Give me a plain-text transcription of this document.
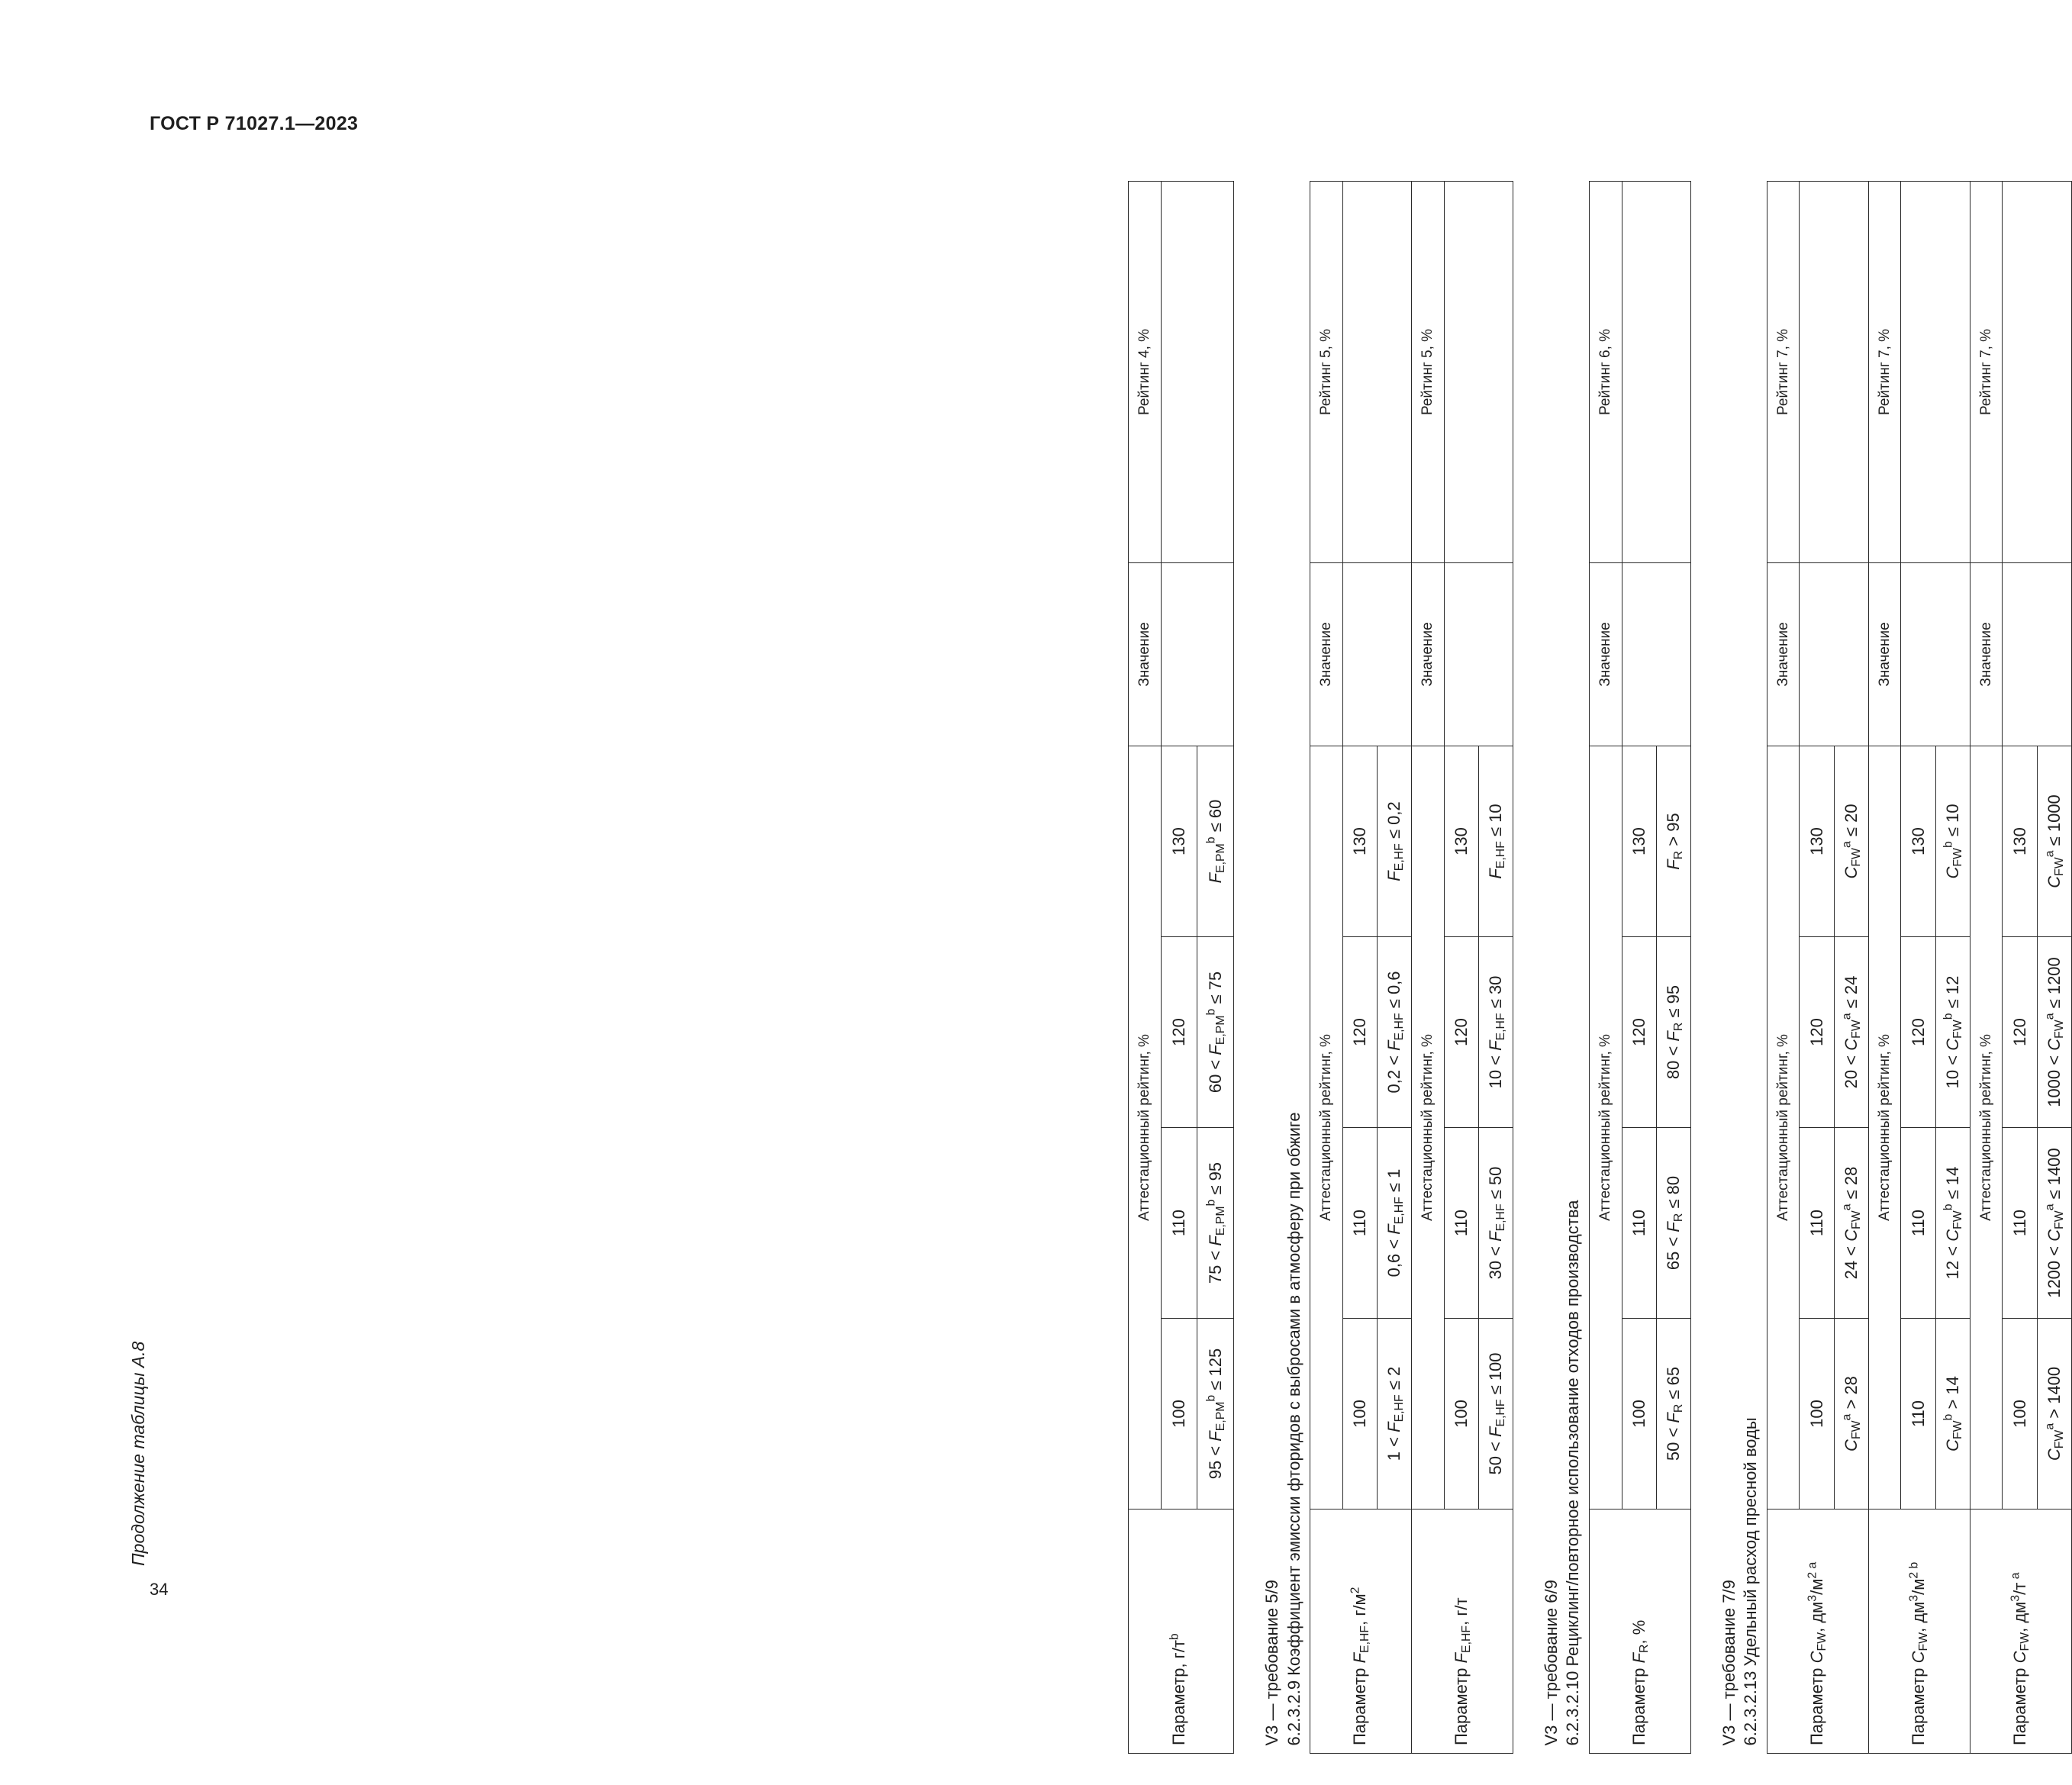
ГОСТ Р 71027.1—2023
34
Продолжение таблицы А.8
	Аттестационный рейтинг, %				Значение	Рейтинг 4, %
Параметр, $г/т^b$	100	110	120	130		
	$95 < F_{E,PM}^b \le 125$	$75 < F_{E,PM}^b \le 95$	$60 < F_{E,PM}^b \le 75$	$F_{E,PM}^b \le 60$		

V3 — требование 5/9 6.2.3.2.9 Коэффициент эмиссии фторидов с выбросами в атмосферу при обжиге						

	Аттестационный рейтинг, %				Значение	Рейтинг 5, %
Параметр $F_{E,HF}$, $г/м^2$	100	110	120	130		
	$1 < F_{E,HF} \le 2$	$0,6 < F_{E,HF} \le 1$	$0,2 < F_{E,HF} \le 0,6$	$F_{E,HF} \le 0,2$		
	Аттестационный рейтинг, %				Значение	Рейтинг 5, %
Параметр $F_{E,HF}$, г/т	100	110	120	130		
	$50 < F_{E,HF} \le 100$	$30 < F_{E,HF} \le 50$	$10 < F_{E,HF} \le 30$	$F_{E,HF} \le 10$		

V3 — требование 6/9 6.2.3.2.10 Рециклинг/повторное использование отходов производства						

	Аттестационный рейтинг, %				Значение	Рейтинг 6, %
Параметр $F_R$, %	100	110	120	130		
	$50 < F_R \le 65$	$65 < F_R \le 80$	$80 < F_R \le 95$	$F_R > 95$		

V3 — требование 7/9 6.2.3.2.13 Удельный расход пресной воды						

	Аттестационный рейтинг, %				Значение	Рейтинг 7, %
Параметр $C_{FW}$, $дм^3/м^{2 a}$	100	110	120	130		
	$C_{FW}^a > 28$	$24 < C_{FW}^a \le 28$	$20 < C_{FW}^a \le 24$	$C_{FW}^a \le 20$		
	Аттестационный рейтинг, %				Значение	Рейтинг 7, %
Параметр $C_{FW}$, $дм^3/м^{2 b}$	110	110	120	130		
	$C_{FW}^b > 14$	$12 < C_{FW}^b \le 14$	$10 < C_{FW}^b \le 12$	$C_{FW}^b \le 10$		
	Аттестационный рейтинг, %				Значение	Рейтинг 7, %
Параметр $C_{FW}$, $дм^3/т$ $^a$	100	110	120	130		
	$C_{FW}^a > 1400$	$1200 < C_{FW}^a \le 1400$	$1000 < C_{FW}^a \le 1200$	$C_{FW}^a \le 1000$		
